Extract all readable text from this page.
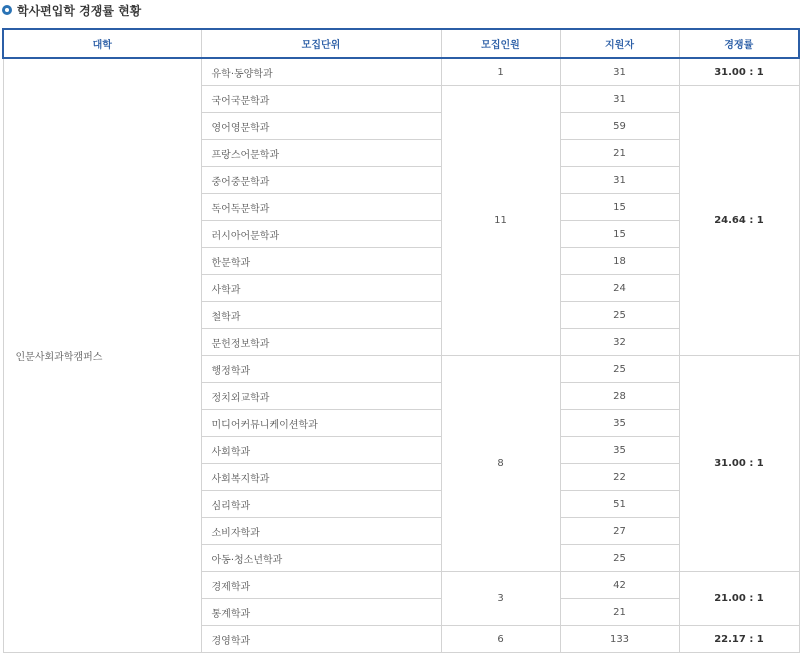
학사편입학 경쟁률 현황
대학	모집단위	모집인원	지원자	경쟁률
인문사회과학캠퍼스	유학·동양학과	1	31	31.00 : 1
	국어국문학과	11	31	24.64 : 1
	영어영문학과		59	
	프랑스어문학과		21	
	중어중문학과		31	
	독어독문학과		15	
	러시아어문학과		15	
	한문학과		18	
	사학과		24	
	철학과		25	
	문헌정보학과		32	
	행정학과	8	25	31.00 : 1
	정치외교학과		28	
	미디어커뮤니케이션학과		35	
	사회학과		35	
	사회복지학과		22	
	심리학과		51	
	소비자학과		27	
	아동·청소년학과		25	
	경제학과	3	42	21.00 : 1
	통계학과		21	
	경영학과	6	133	22.17 : 1
